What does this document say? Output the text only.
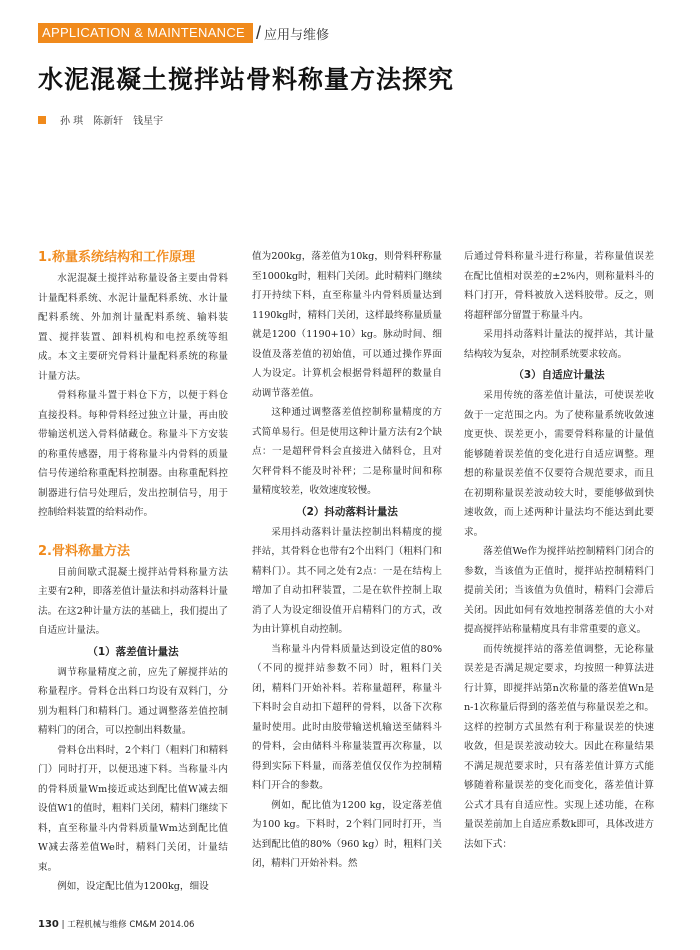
APPLICATION & MAINTENANCE / 应用与维修
水泥混凝土搅拌站骨料称量方法探究
孙 琪　陈新轩　钱星宇
1.称量系统结构和工作原理

水泥混凝土搅拌站称量设备主要由骨料计量配料系统、水泥计量配料系统、水计量配料系统、外加剂计量配料系统、输料装置、搅拌装置、卸料机构和电控系统等组成。本文主要研究骨料计量配料系统的称量计量方法。

骨料称量斗置于料仓下方，以便于料仓直接投料。每种骨料经过独立计量，再由胶带输送机送入骨料储藏仓。称量斗下方安装的称重传感器，用于将称量斗内骨料的质量信号传递给称重配料控制器。由称重配料控制器进行信号处理后，发出控制信号，用于控制给料装置的给料动作。

2.骨料称量方法

目前间歇式混凝土搅拌站骨料称量方法主要有2种，即落差值计量法和抖动落料计量法。在这2种计量方法的基础上，我们提出了自适应计量法。

（1）落差值计量法

调节称量精度之前，应先了解搅拌站的称量程序。骨料仓出料口均设有双料门，分别为粗料门和精料门。通过调整落差值控制精料门的闭合，可以控制出料数量。

骨料仓出料时，2个料门（粗料门和精料门）同时打开，以便迅速下料。当称量斗内的骨料质量Wm接近或达到配比值W减去细设值W1的值时，粗料门关闭，精料门继续下料，直至称量斗内骨料质量Wm达到配比值W减去落差值We时，精料门关闭，计量结束。

例如，设定配比值为1200kg，细设

值为200kg，落差值为10kg，则骨料秤称量至1000kg时，粗料门关闭。此时精料门继续打开持续下料，直至称量斗内骨料质量达到1190kg时，精料门关闭，这样最终称量质量就是1200（1190+10）kg。脉动时间、细设值及落差值的初始值，可以通过操作界面人为设定。计算机会根据骨料超秤的数量自动调节落差值。

这种通过调整落差值控制称量精度的方式简单易行。但是使用这种计量方法有2个缺点：一是超秤骨料会直接进入储料仓，且对欠秤骨料不能及时补秤；二是称量时间和称量精度较差，收效速度较慢。

（2）抖动落料计量法

采用抖动落料计量法控制出料精度的搅拌站，其骨料仓也带有2个出料门（粗料门和精料门）。其不同之处有2点：一是在结构上增加了自动扣秤装置，二是在软件控制上取消了人为设定细设值开启精料门的方式，改为由计算机自动控制。

当称量斗内骨料质量达到设定值的80%（不同的搅拌站参数不同）时，粗料门关闭，精料门开始补料。若称量超秤，称量斗下料时会自动扣下超秤的骨料，以备下次称量时使用。此时由胶带输送机输送至储料斗的骨料，会由储料斗称量装置再次称量，以得到实际下料量，而落差值仅仅作为控制精料门开合的参数。

例如，配比值为1200 kg，设定落差值为100 kg。下料时，2个料门同时打开，当达到配比值的80%（960 kg）时，粗料门关闭，精料门开始补料。然

后通过骨料称量斗进行称量，若称量值误差在配比值相对误差的±2%内，则称量料斗的料门打开，骨料被放入送料胶带。反之，则将超秤部分留置于称量斗内。

采用抖动落料计量法的搅拌站，其计量结构较为复杂，对控制系统要求较高。

（3）自适应计量法

采用传统的落差值计量法，可使误差收敛于一定范围之内。为了使称量系统收敛速度更快、误差更小，需要骨料称量的计量值能够随着误差值的变化进行自适应调整。理想的称量误差值不仅要符合规范要求，而且在初期称量误差波动较大时，要能够做到快速收敛，而上述两种计量法均不能达到此要求。

落差值We作为搅拌站控制精料门闭合的参数，当该值为正值时，搅拌站控制精料门提前关闭；当该值为负值时，精料门会滞后关闭。因此如何有效地控制落差值的大小对提高搅拌站称量精度具有非常重要的意义。

而传统搅拌站的落差值调整，无论称量误差是否满足规定要求，均按照一种算法进行计算，即搅拌站第n次称量的落差值Wn是n-1次称量后得到的落差值与称量误差之和。这样的控制方式虽然有利于称量误差的快速收敛，但是误差波动较大。因此在称量结果不满足规范要求时，只有落差值计算方式能够随着称量误差的变化而变化，落差值计算公式才具有自适应性。实现上述功能，在称量误差前加上自适应系数k即可，具体改进方法如下式：

130 | 工程机械与维修 CM&M 2014.06
